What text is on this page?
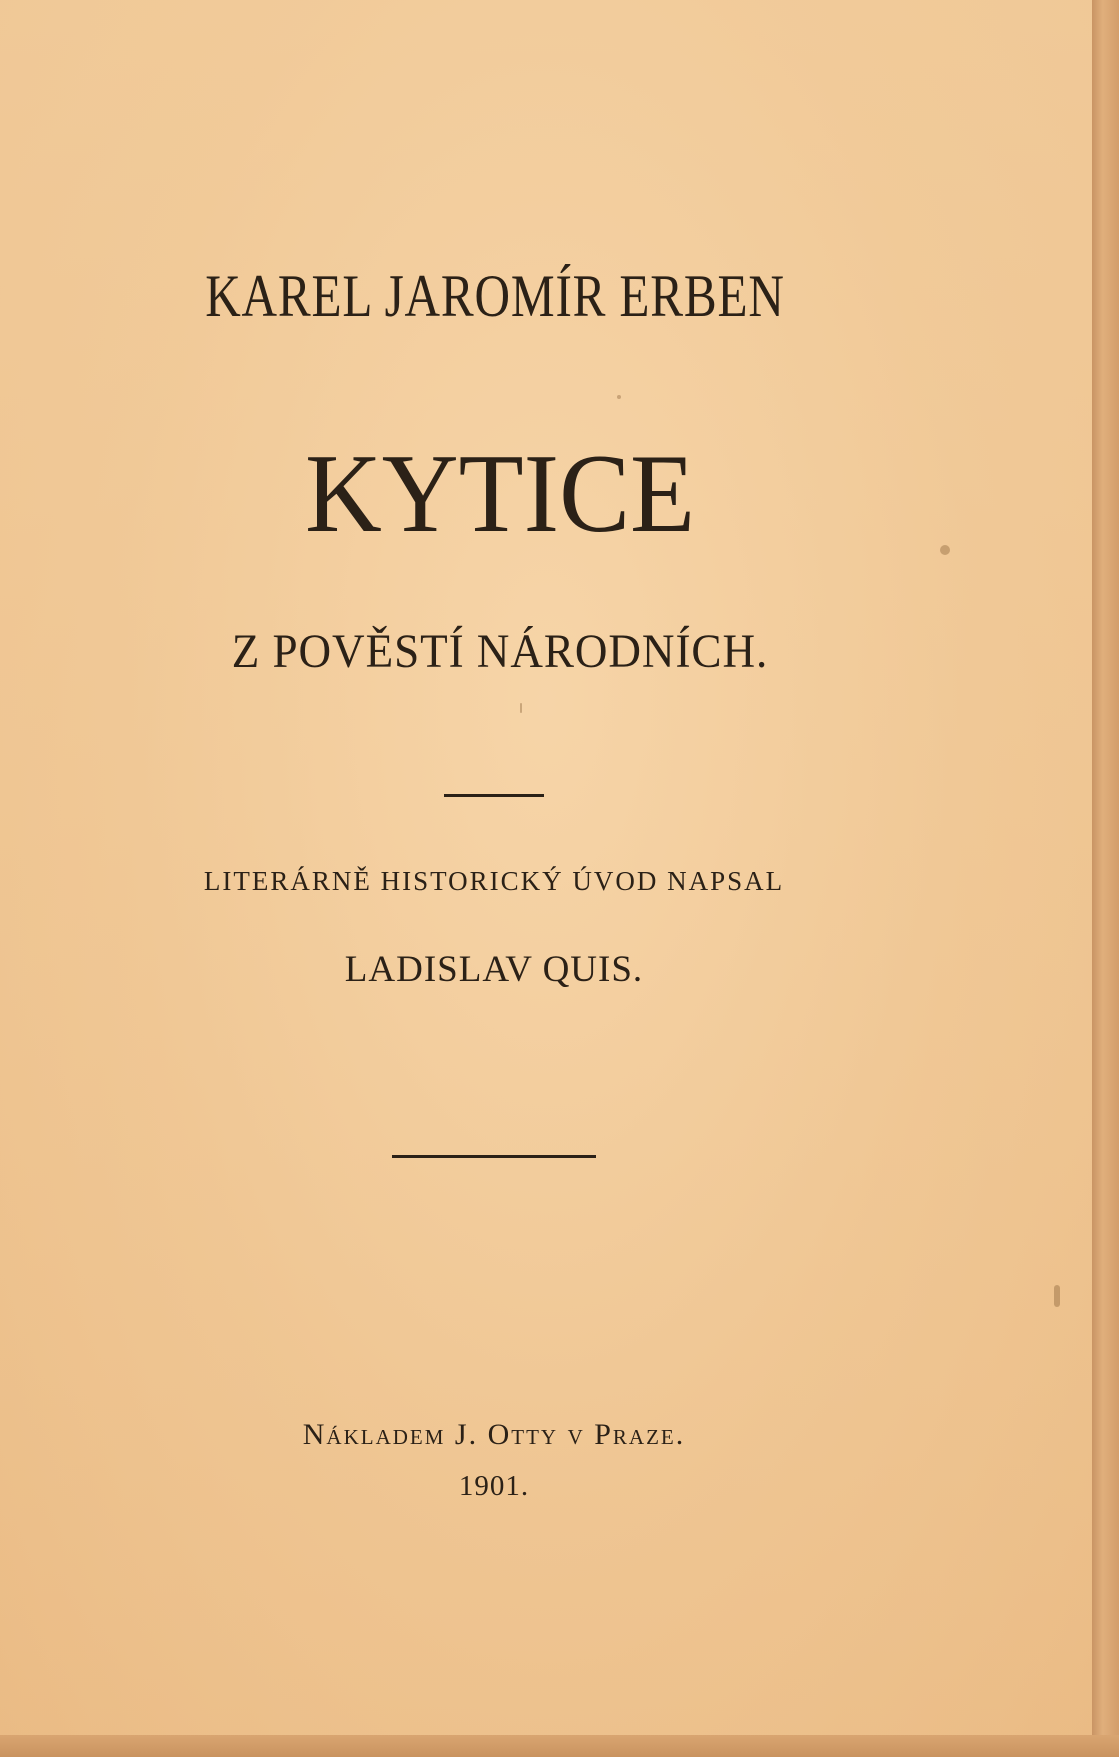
KAREL JAROMÍR ERBEN
KYTICE
Z POVĚSTÍ NÁRODNÍCH.
LITERÁRNĚ HISTORICKÝ ÚVOD NAPSAL
LADISLAV QUIS.
Nákladem J. Otty v Praze.
1901.
